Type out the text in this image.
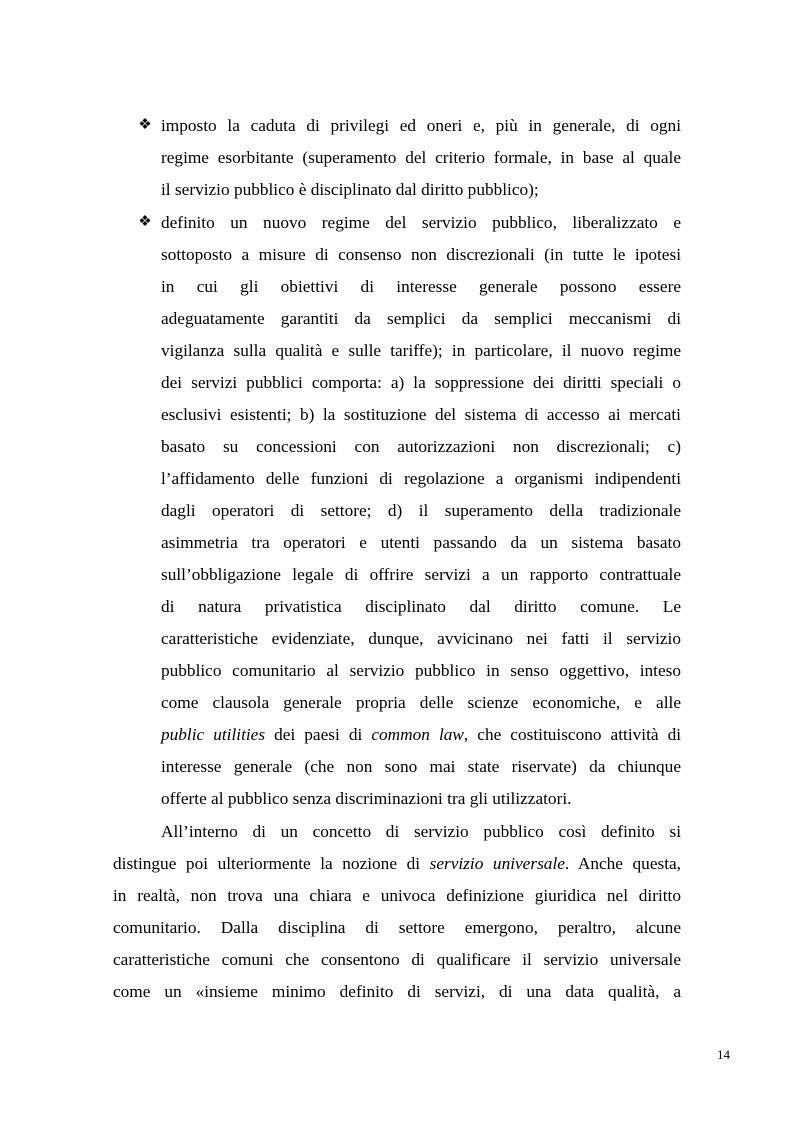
❖ imposto la caduta di privilegi ed oneri e, più in generale, di ogni
regime esorbitante (superamento del criterio formale, in base al quale
il servizio pubblico è disciplinato dal diritto pubblico);
❖ definito un nuovo regime del servizio pubblico, liberalizzato e
sottoposto a misure di consenso non discrezionali (in tutte le ipotesi
in cui gli obiettivi di interesse generale possono essere
adeguatamente garantiti da semplici da semplici meccanismi di
vigilanza sulla qualità e sulle tariffe); in particolare, il nuovo regime
dei servizi pubblici comporta: a) la soppressione dei diritti speciali o
esclusivi esistenti; b) la sostituzione del sistema di accesso ai mercati
basato su concessioni con autorizzazioni non discrezionali; c)
l’affidamento delle funzioni di regolazione a organismi indipendenti
dagli operatori di settore; d) il superamento della tradizionale
asimmetria tra operatori e utenti passando da un sistema basato
sull’obbligazione legale di offrire servizi a un rapporto contrattuale
di natura privatistica disciplinato dal diritto comune. Le
caratteristiche evidenziate, dunque, avvicinano nei fatti il servizio
pubblico comunitario al servizio pubblico in senso oggettivo, inteso
come clausola generale propria delle scienze economiche, e alle
public utilities dei paesi di common law, che costituiscono attività di
interesse generale (che non sono mai state riservate) da chiunque
offerte al pubblico senza discriminazioni tra gli utilizzatori.
All’interno di un concetto di servizio pubblico così definito si
distingue poi ulteriormente la nozione di servizio universale. Anche questa,
in realtà, non trova una chiara e univoca definizione giuridica nel diritto
comunitario. Dalla disciplina di settore emergono, peraltro, alcune
caratteristiche comuni che consentono di qualificare il servizio universale
come un «insieme minimo definito di servizi, di una data qualità, a
14
